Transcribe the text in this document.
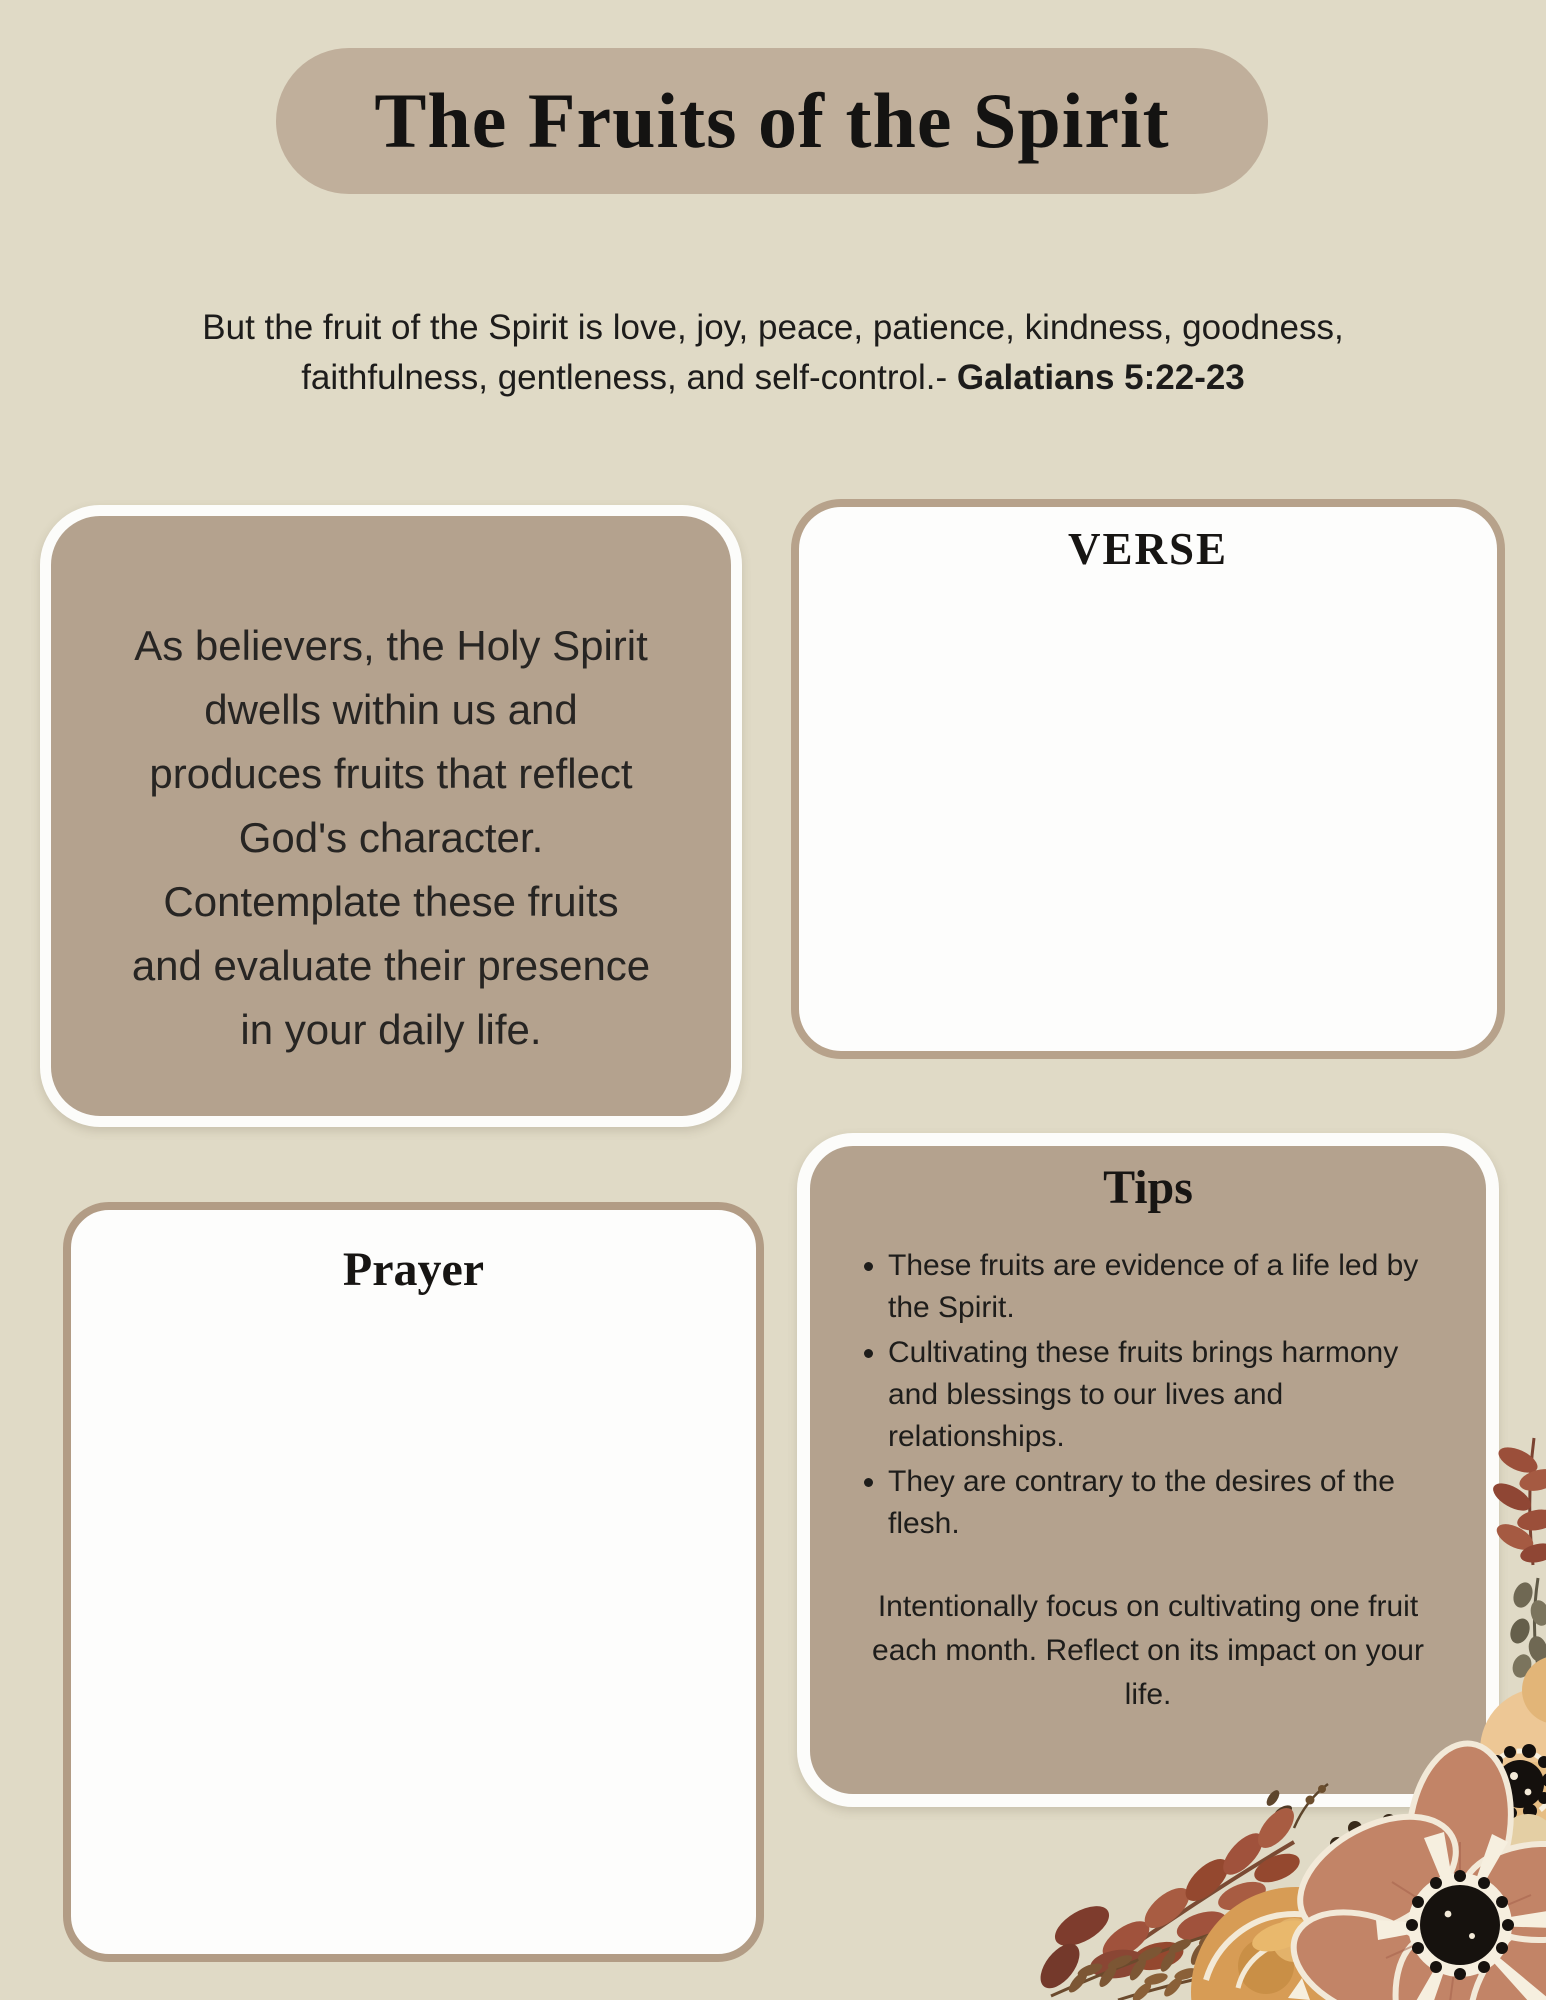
The Fruits of the Spirit
But the fruit of the Spirit is love, joy, peace, patience, kindness, goodness,
faithfulness, gentleness, and self-control.- Galatians 5:22-23
As believers, the Holy Spirit
dwells within us and
produces fruits that reflect
God's character.
Contemplate these fruits
and evaluate their presence
in your daily life.
VERSE
Prayer
Tips
• These fruits are evidence of a life led by the Spirit.
• Cultivating these fruits brings harmony and blessings to our lives and relationships.
• They are contrary to the desires of the flesh.
Intentionally focus on cultivating one fruit each month. Reflect on its impact on your life.
